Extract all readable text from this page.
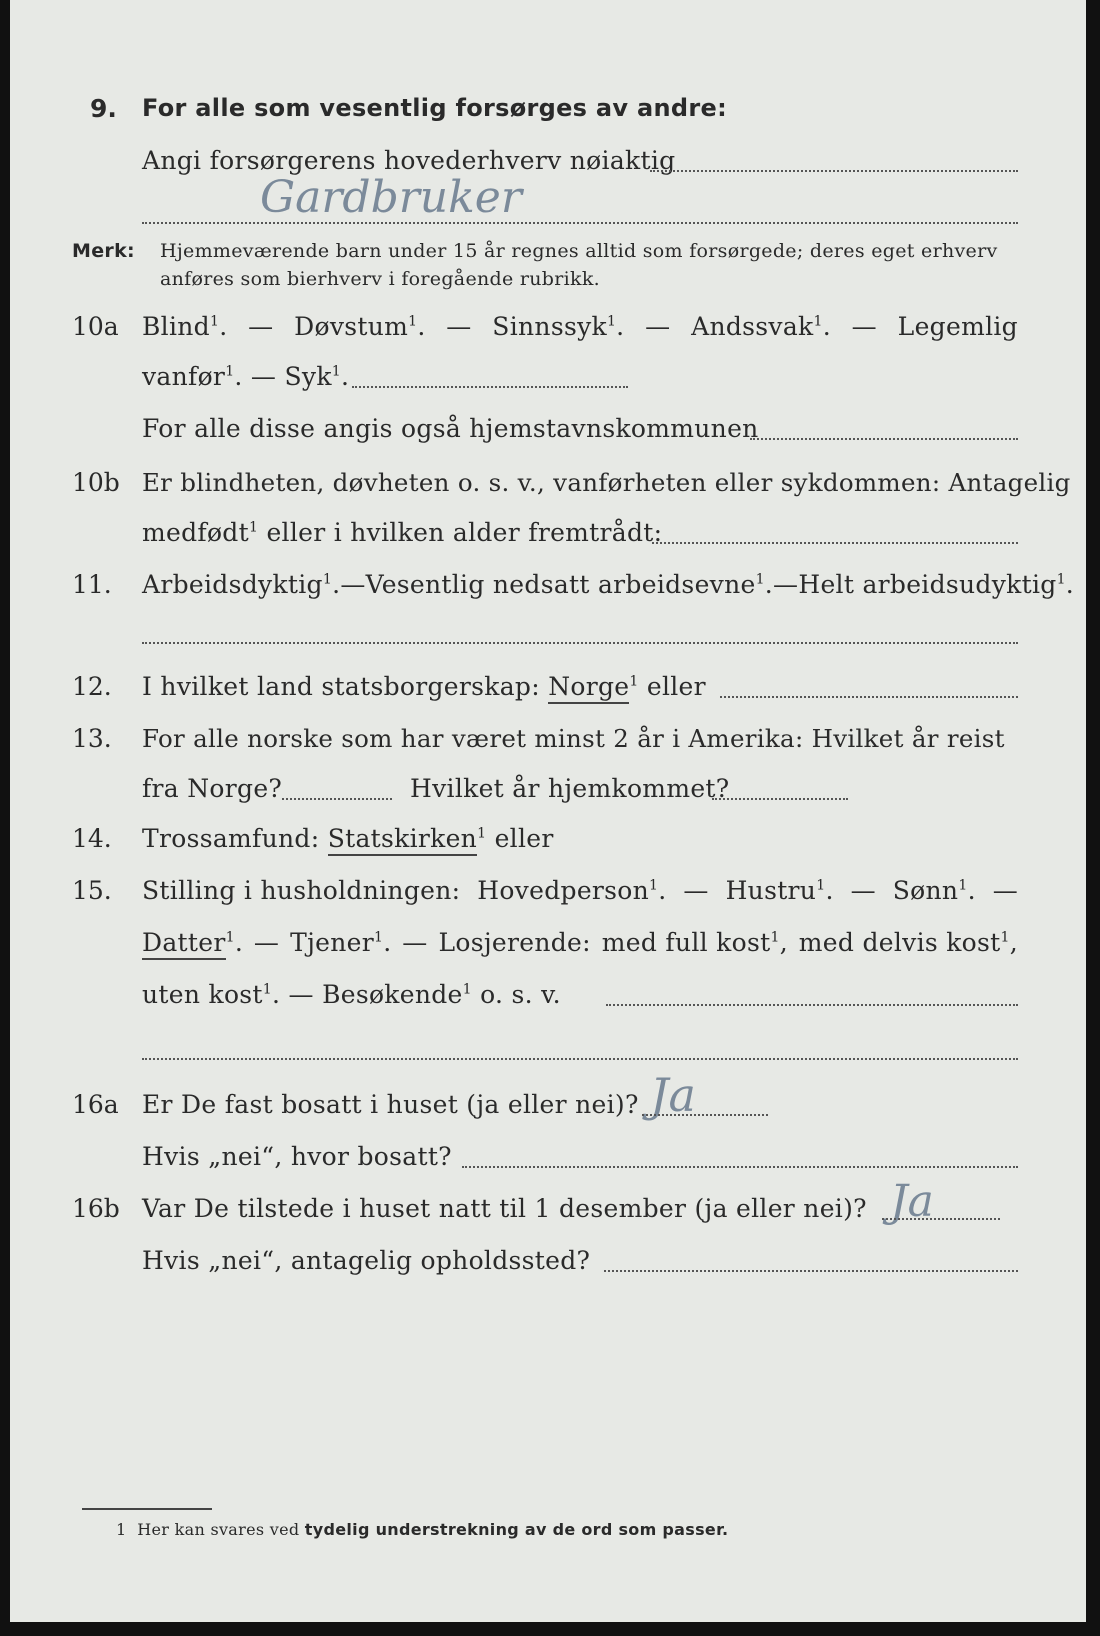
9. For alle som vesentlig forsørges av andre:
Angi forsørgerens hovederhverv nøiaktig
Gardbruker
Merk: Hjemmeværende barn under 15 år regnes alltid som forsørgede; deres eget erhverv
anføres som bierhverv i foregående rubrikk.
10a Blind$^1$. — Døvstum$^1$. — Sinnssyk$^1$. — Andssvak$^1$. — Legemlig
vanfør$^1$. — Syk$^1$.
For alle disse angis også hjemstavnskommunen
10b Er blindheten, døvheten o. s. v., vanførheten eller sykdommen: Antagelig
medfødt$^1$ eller i hvilken alder fremtrådt:
11. Arbeidsdyktig$^1$. — Vesentlig nedsatt arbeidsevne$^1$. — Helt arbeidsudyktig$^1$.
12. I hvilket land statsborgerskap: Norge$^1$ eller
13. For alle norske som har været minst 2 år i Amerika: Hvilket år reist
fra Norge?	Hvilket år hjemkommet?
14. Trossamfund: Statskirken$^1$ eller
15. Stilling i husholdningen: Hovedperson$^1$. — Hustru$^1$. — Sønn$^1$. —
Datter$^1$. — Tjener$^1$. — Losjerende: med full kost$^1$, med delvis kost$^1$,
uten kost$^1$. — Besøkende$^1$ o. s. v.
16a Er De fast bosatt i huset (ja eller nei)? Ja
Hvis „nei“, hvor bosatt?
16b Var De tilstede i huset natt til 1 desember (ja eller nei)? Ja
Hvis „nei“, antagelig opholdssted?
1 Her kan svares ved tydelig understrekning av de ord som passer.
